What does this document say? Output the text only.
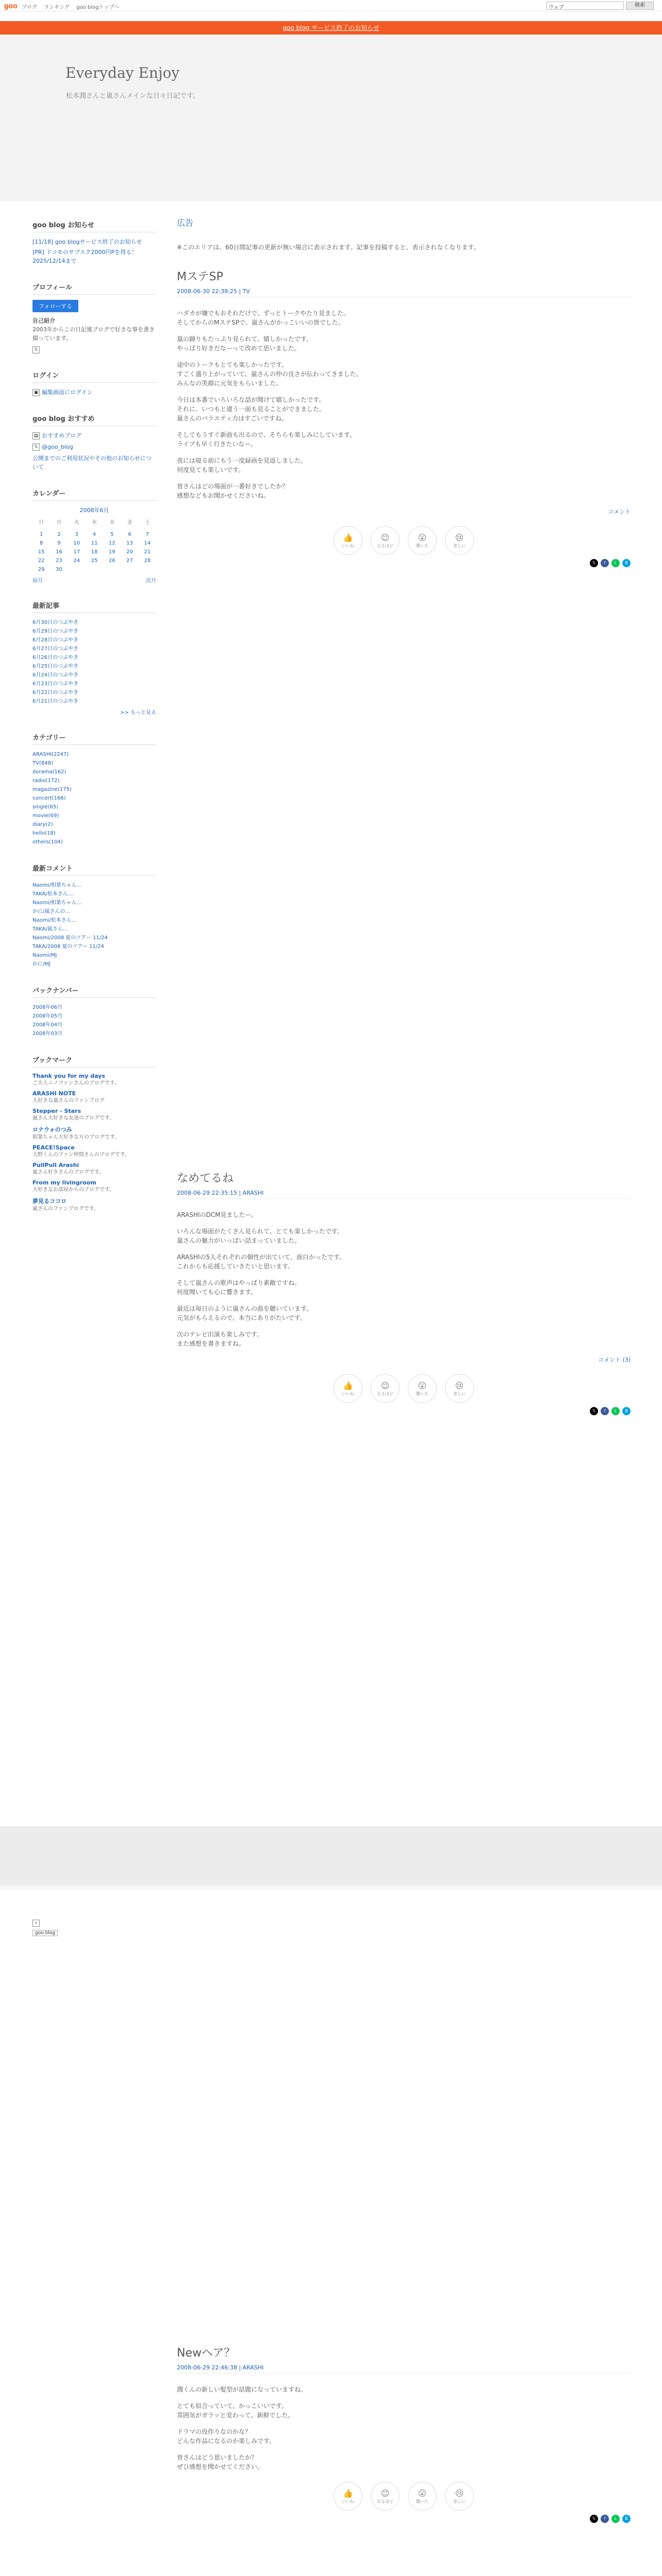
goo ブログ ランキング goo blogトップへ	ウェブ	検索
goo blog サービス終了のお知らせ
Everyday Enjoy
松本潤さんと嵐さんメインな日々日記です。
goo blog お知らせ
[11/18] goo blogサービス終了のお知らせ
[PR] ドコモのサブスク2000円Pを得る！ 2025/12/14まで
プロフィール
フォローする
自己紹介
2003年からこの日記風ブログで好きな事を書き綴っています。
𝕏
ログイン
▣ 編集画面にログイン
goo blog おすすめ
▤ おすすめブログ
𝕏 @goo_blog
公開までのご利用状況やその他のお知らせについて
カレンダー
2008年6月
日	月	火	水	木	金	土

1	2	3	4	5	6	7
8	9	10	11	12	13	14
15	16	17	18	19	20	21
22	23	24	25	26	27	28
29	30					
前月	次月
最新記事
6月30日のつぶやき
6月29日のつぶやき
6月28日のつぶやき
6月27日のつぶやき
6月26日のつぶやき
6月25日のつぶやき
6月24日のつぶやき
6月23日のつぶやき
6月22日のつぶやき
6月21日のつぶやき
>> もっと見る
カテゴリー
ARASHI(2247)
TV(848)
dorama(162)
radio(172)
magazine(175)
concert(166)
single(65)
movie(69)
diary(2)
hello(18)
others(104)
最新コメント
Naomi/相葉ちゃん…
TAKA/松本さん…
Naomi/相葉ちゃん…
かに/嵐さんの…
Naomi/松本さん…
TAKA/嵐さん…
Naomi/2008 夏のツアー 11/24
TAKA/2008 夏のツアー 11/24
Naomi/MJ
かに/MJ
バックナンバー
2008年06月
2008年05月
2008年04月
2008年03月
ブックマーク
Thank you for my days
ご夫人ニノファンさんのブログです。
ARASHI NOTE
大好きな嵐さんのファンブログ
Stepper - Stars
嵐さん大好きな友達のブログです。
ロナウォのつみ
相葉ちゃん大好きな方のブログです。
PEACE!Space
大野くんのファン仲間さんのブログです。
PullPull Arashi
嵐さん好きさんのブログです。
From my livingroom
大好きなお部屋からのブログです。
夢見るココロ
嵐さんのファンブログです。
広告

※このエリアは、60日間記事の更新が無い場合に表示されます。記事を投稿すると、表示されなくなります。

MステSP
2008-06-30 22:38:25 | TV

ハダカが嫌でもおそれだけで、ずっとトークやたり見ました。
そしてからのMステSPで、嵐さんがかっこいいの皆でした。

嵐の踊りもたっぷり見られて、嬉しかったです。
やっぱり好きだなーって改めて思いました。

途中のトークもとても楽しかったです。
すごく盛り上がっていて、嵐さんの仲の良さが伝わってきました。
みんなの笑顔に元気をもらいました。

今日は本番でいろいろな話が聞けて嬉しかったです。
それに、いつもと違う一面も見ることができました。
嵐さんのバラエティ力はすごいですね。

そしてもうすぐ新曲も出るので、そちらも楽しみにしています。
ライブも早く行きたいなー。

夜には寝る前にもう一度録画を見返しました。
何度見ても楽しいです。

皆さんはどの場面が一番好きでしたか？
感想などもお聞かせくださいね。

コメント
👍
いいね
😊
なるほど
😲
驚いた
😢
悲しい
𝕏	f	L	B
なめてるね
2008-06-29 22:35:15 | ARASHI

ARASHIのDCM見ましたー。

いろんな場面がたくさん見られて、とても楽しかったです。
嵐さんの魅力がいっぱい詰まっていました。

ARASHIの5人それぞれの個性が出ていて、面白かったです。
これからも応援していきたいと思います。

そして嵐さんの歌声はやっぱり素敵ですね。
何度聞いても心に響きます。

最近は毎日のように嵐さんの曲を聴いています。
元気がもらえるので、本当にありがたいです。

次のテレビ出演も楽しみです。
また感想を書きますね。

コメント (3)
👍
いいね
😊
なるほど
😲
驚いた
😢
悲しい
𝕏	f	L	B
Newヘア？
2008-06-29 22:46:38 | ARASHI

潤くんの新しい髪型が話題になっていますね。

とても似合っていて、かっこいいです。
雰囲気がガラッと変わって、新鮮でした。

ドラマの役作りなのかな？
どんな作品になるのか楽しみです。

皆さんはどう思いましたか？
ぜひ感想を聞かせてください。

👍
いいね
😊
なるほど
😲
驚いた
😢
悲しい
𝕏	f	L	B
⌁
goo blog
